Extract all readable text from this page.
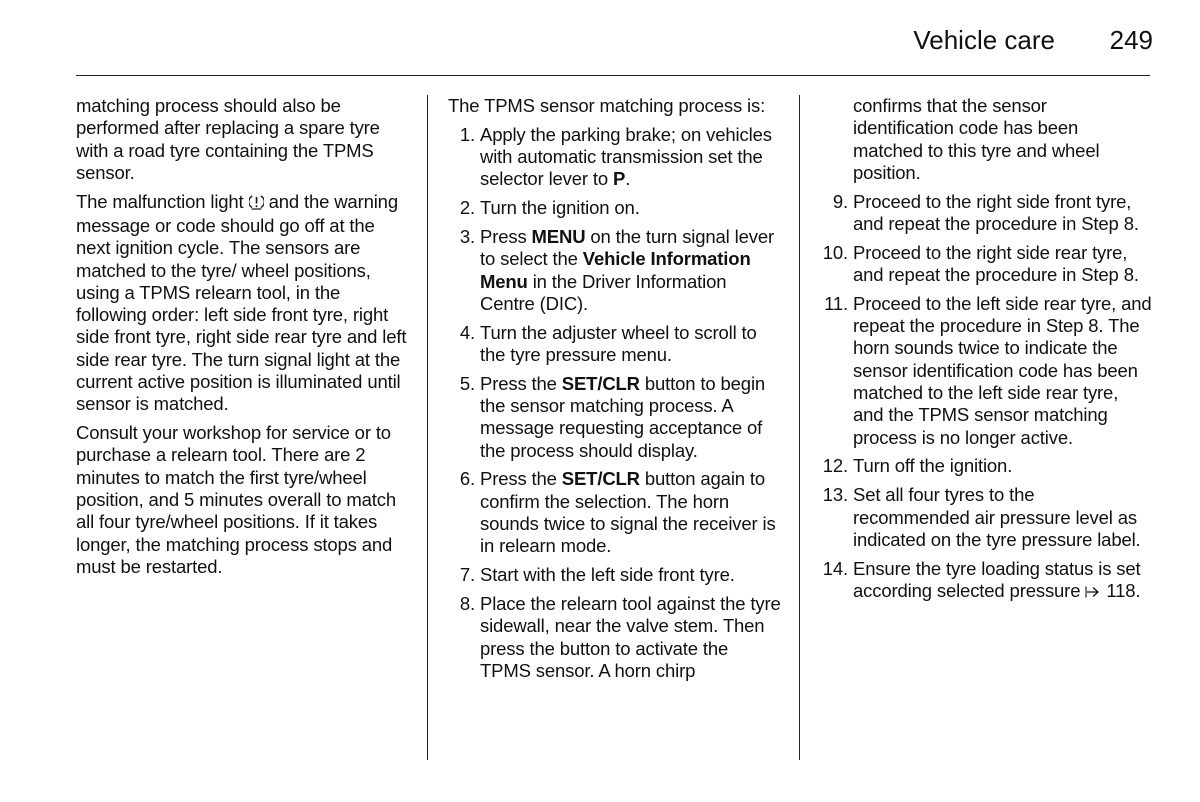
Vehicle care	249

matching process should also be performed after replacing a spare tyre with a road tyre containing the TPMS sensor.

The malfunction light and the warning message or code should go off at the next ignition cycle. The sensors are matched to the tyre/ wheel positions, using a TPMS relearn tool, in the following order: left side front tyre, right side front tyre, right side rear tyre and left side rear tyre. The turn signal light at the current active position is illuminated until sensor is matched.

Consult your workshop for service or to purchase a relearn tool. There are 2 minutes to match the first tyre/wheel position, and 5 minutes overall to match all four tyre/wheel positions. If it takes longer, the matching process stops and must be restarted.

The TPMS sensor matching process is:

1. Apply the parking brake; on vehicles with automatic transmission set the selector lever to P.
2. Turn the ignition on.
3. Press MENU on the turn signal lever to select the Vehicle Information Menu in the Driver Information Centre (DIC).
4. Turn the adjuster wheel to scroll to the tyre pressure menu.
5. Press the SET/CLR button to begin the sensor matching process. A message requesting acceptance of the process should display.
6. Press the SET/CLR button again to confirm the selection. The horn sounds twice to signal the receiver is in relearn mode.
7. Start with the left side front tyre.
8. Place the relearn tool against the tyre sidewall, near the valve stem. Then press the button to activate the TPMS sensor. A horn chirp

confirms that the sensor identification code has been matched to this tyre and wheel position.

9. Proceed to the right side front tyre, and repeat the procedure in Step 8.
10. Proceed to the right side rear tyre, and repeat the procedure in Step 8.
11. Proceed to the left side rear tyre, and repeat the procedure in Step 8. The horn sounds twice to indicate the sensor identification code has been matched to the left side rear tyre, and the TPMS sensor matching process is no longer active.
12. Turn off the ignition.
13. Set all four tyres to the recommended air pressure level as indicated on the tyre pressure label.
14. Ensure the tyre loading status is set according selected pressure  118.
